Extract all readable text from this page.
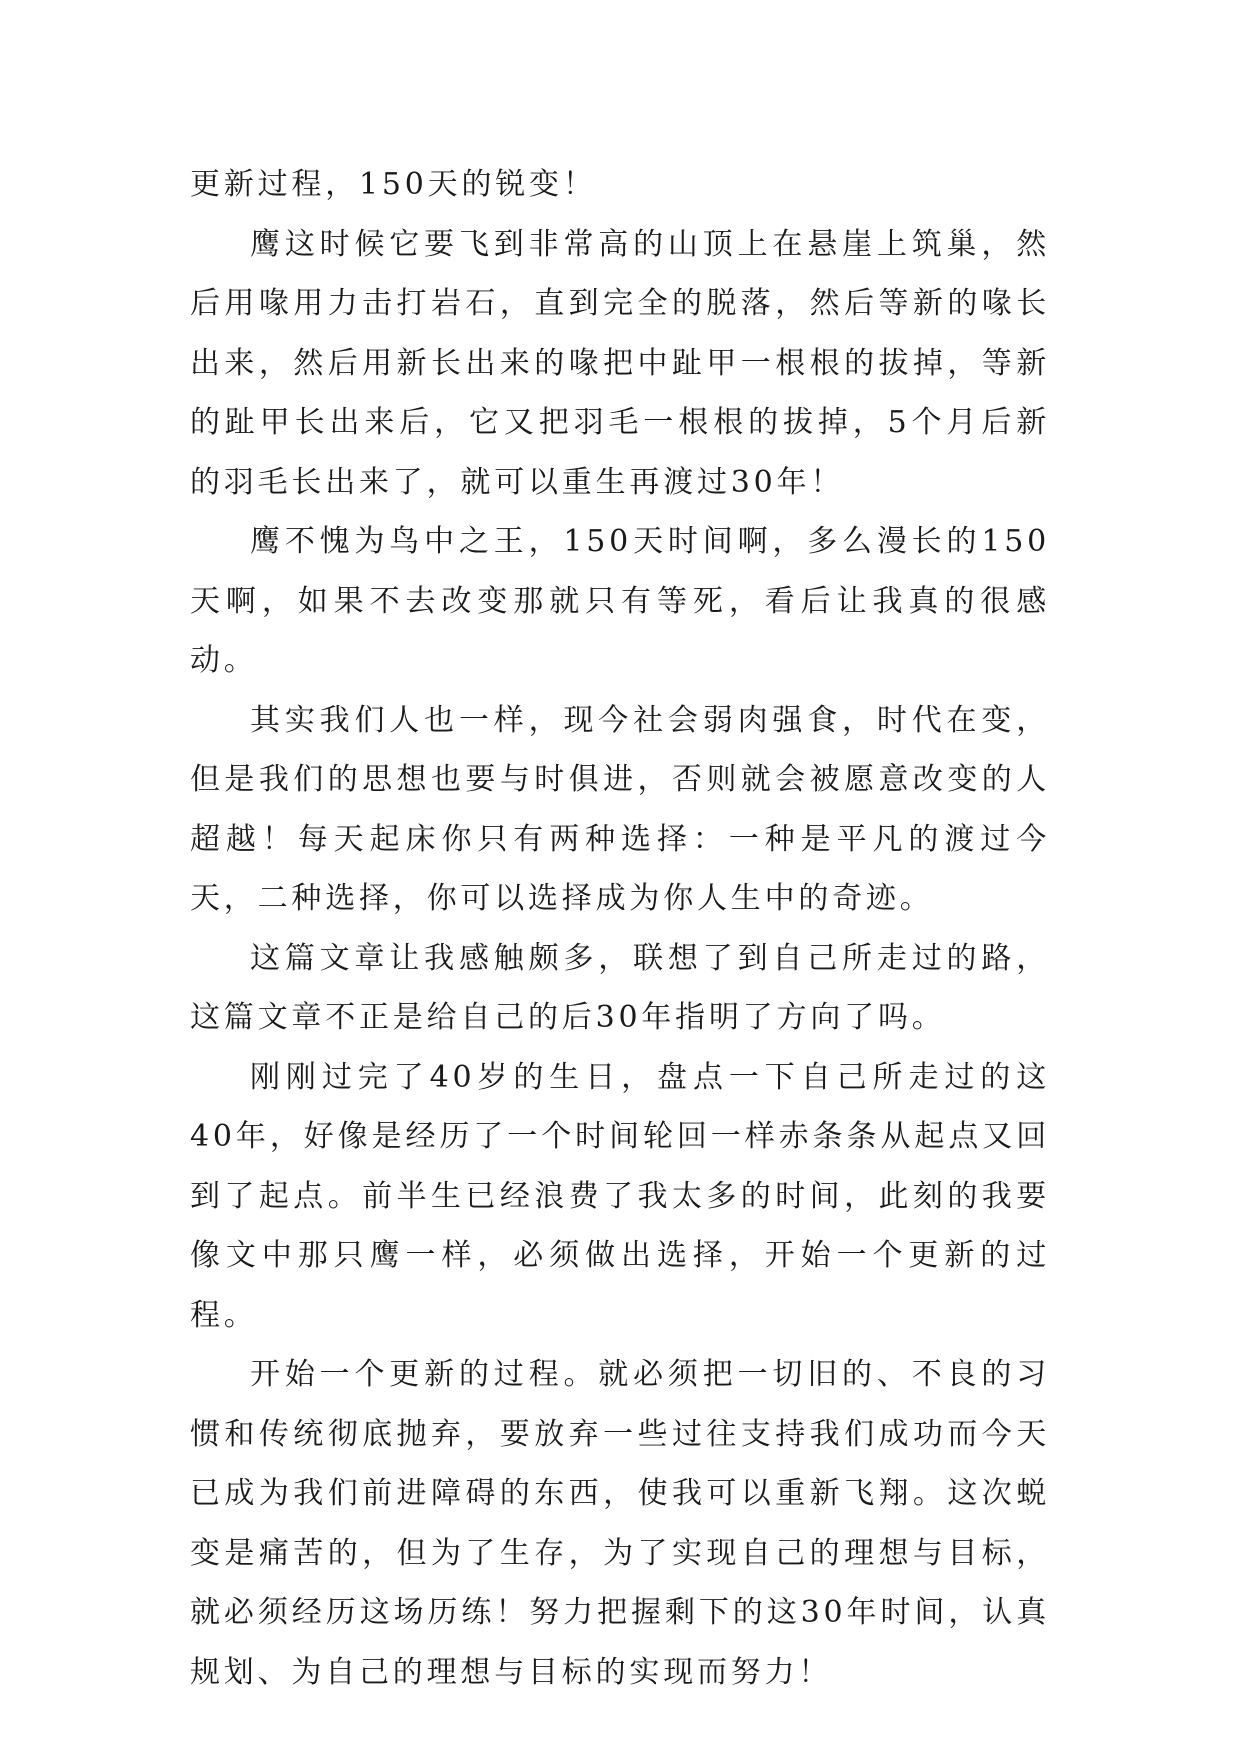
更新过程，150天的锐变！

鹰这时候它要飞到非常高的山顶上在悬崖上筑巢，然后用喙用力击打岩石，直到完全的脱落，然后等新的喙长出来，然后用新长出来的喙把中趾甲一根根的拔掉，等新的趾甲长出来后，它又把羽毛一根根的拔掉，5个月后新的羽毛长出来了，就可以重生再渡过30年！

鹰不愧为鸟中之王，150天时间啊，多么漫长的150天啊，如果不去改变那就只有等死，看后让我真的很感动。

其实我们人也一样，现今社会弱肉强食，时代在变，但是我们的思想也要与时俱进，否则就会被愿意改变的人超越！每天起床你只有两种选择：一种是平凡的渡过今天，二种选择，你可以选择成为你人生中的奇迹。

这篇文章让我感触颇多，联想了到自己所走过的路，这篇文章不正是给自己的后30年指明了方向了吗。

刚刚过完了40岁的生日，盘点一下自己所走过的这40年，好像是经历了一个时间轮回一样赤条条从起点又回到了起点。前半生已经浪费了我太多的时间，此刻的我要像文中那只鹰一样，必须做出选择，开始一个更新的过程。

开始一个更新的过程。就必须把一切旧的、不良的习惯和传统彻底抛弃，要放弃一些过往支持我们成功而今天已成为我们前进障碍的东西，使我可以重新飞翔。这次蜕变是痛苦的，但为了生存，为了实现自己的理想与目标，就必须经历这场历练！努力把握剩下的这30年时间，认真规划、为自己的理想与目标的实现而努力！
